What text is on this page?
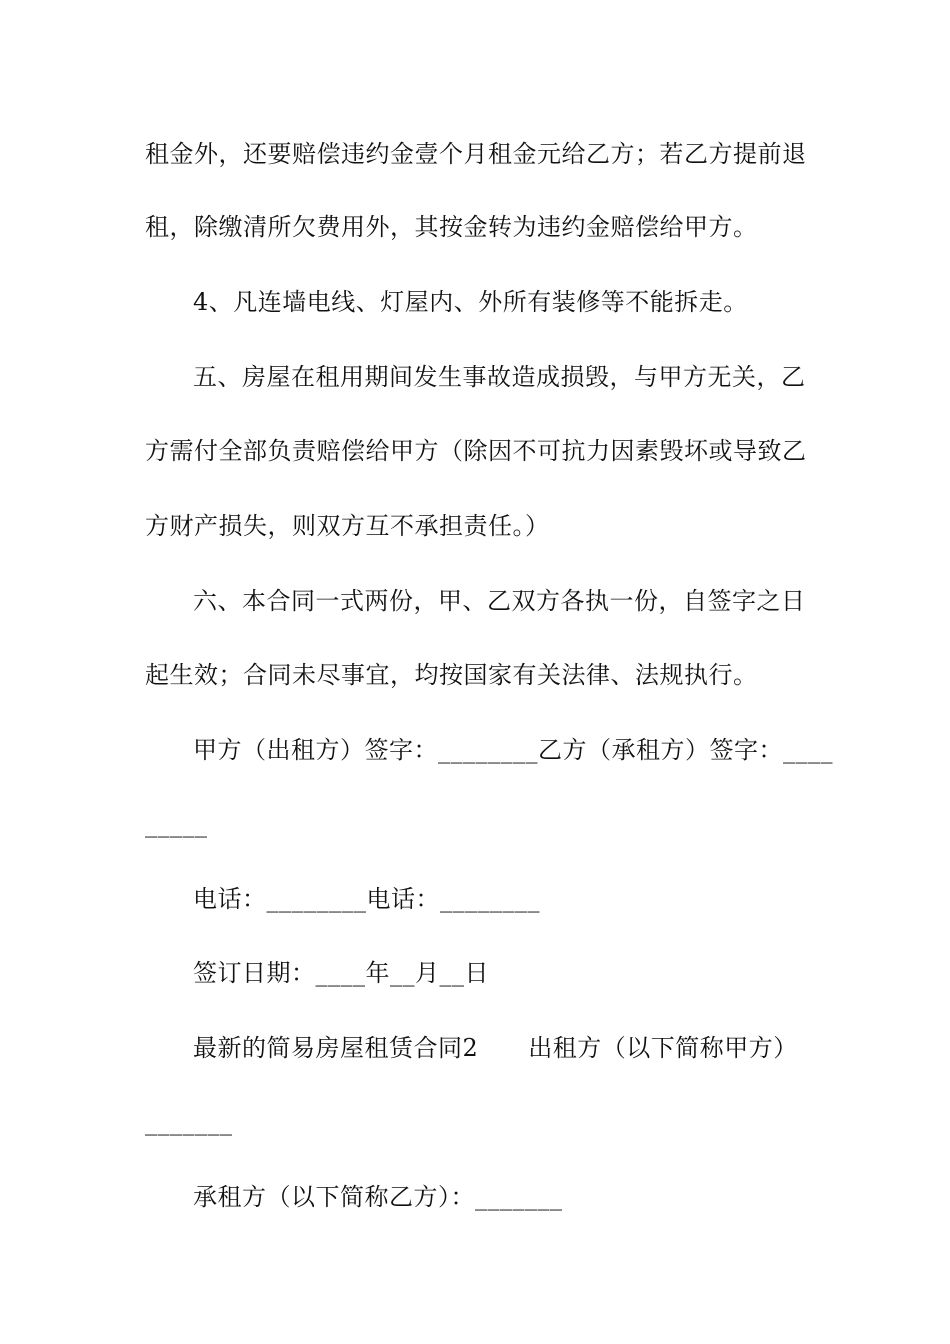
租金外，还要赔偿违约金壹个月租金元给乙方；若乙方提前退
租，除缴清所欠费用外，其按金转为违约金赔偿给甲方。
4、凡连墙电线、灯屋内、外所有装修等不能拆走。
五、房屋在租用期间发生事故造成损毁，与甲方无关，乙
方需付全部负责赔偿给甲方（除因不可抗力因素毁坏或导致乙
方财产损失，则双方互不承担责任。）
六、本合同一式两份，甲、乙双方各执一份，自签字之日
起生效；合同未尽事宜，均按国家有关法律、法规执行。
甲方（出租方）签字：________乙方（承租方）签字：____
_____
电话：________电话：________
签订日期：____年__月__日
最新的简易房屋租赁合同2 出租方（以下简称甲方）
_______
承租方（以下简称乙方）：_______
